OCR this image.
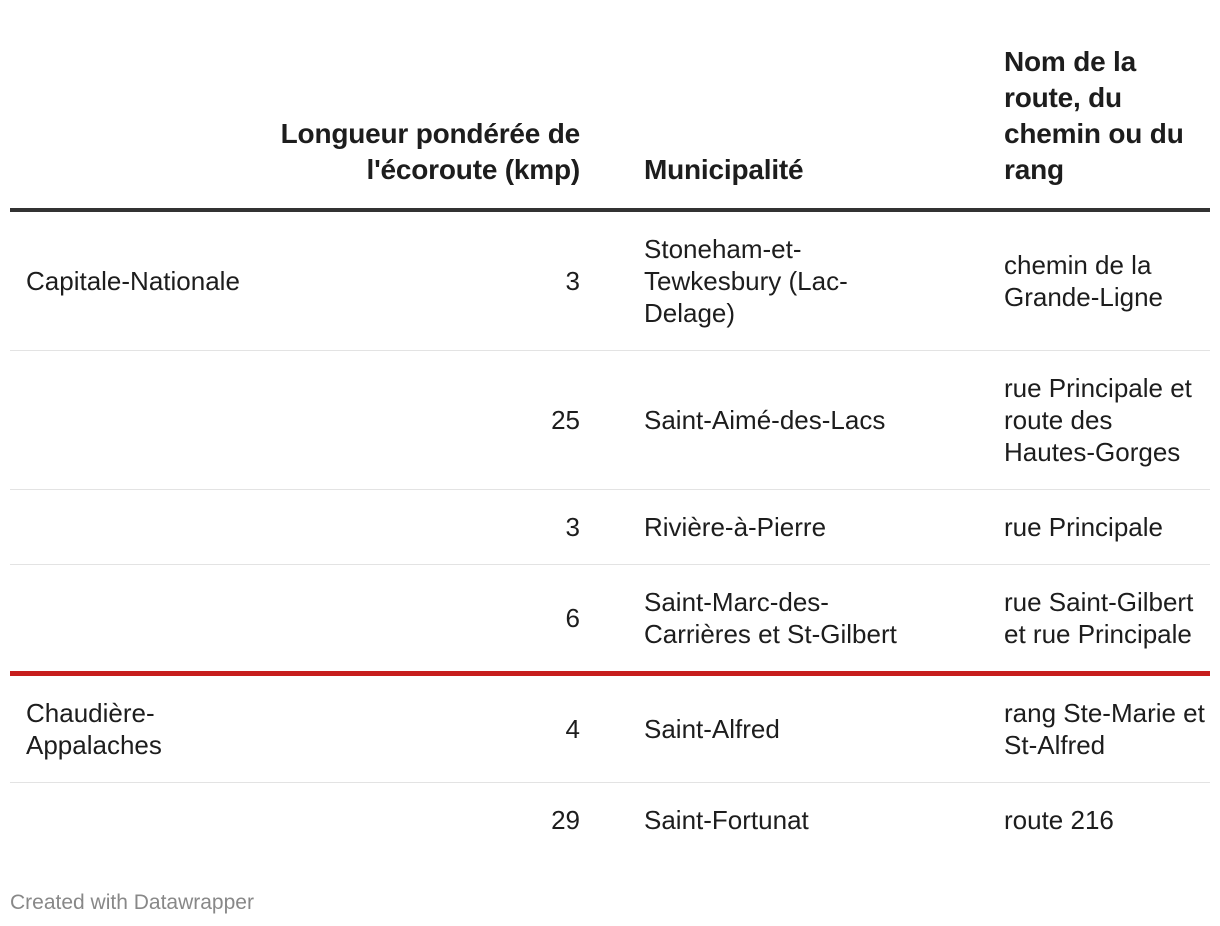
	Longueur pondérée de l'écoroute (kmp)	Municipalité	Nom de la route, du chemin ou du rang
Capitale-Nationale	3	Stoneham-et-Tewkesbury (Lac-Delage)	chemin de la Grande-Ligne
	25	Saint-Aimé-des-Lacs	rue Principale et route des Hautes-Gorges
	3	Rivière-à-Pierre	rue Principale
	6	Saint-Marc-des-Carrières et St-Gilbert	rue Saint-Gilbert et rue Principale
Chaudière-Appalaches	4	Saint-Alfred	rang Ste-Marie et St-Alfred
	29	Saint-Fortunat	route 216
Created with Datawrapper
